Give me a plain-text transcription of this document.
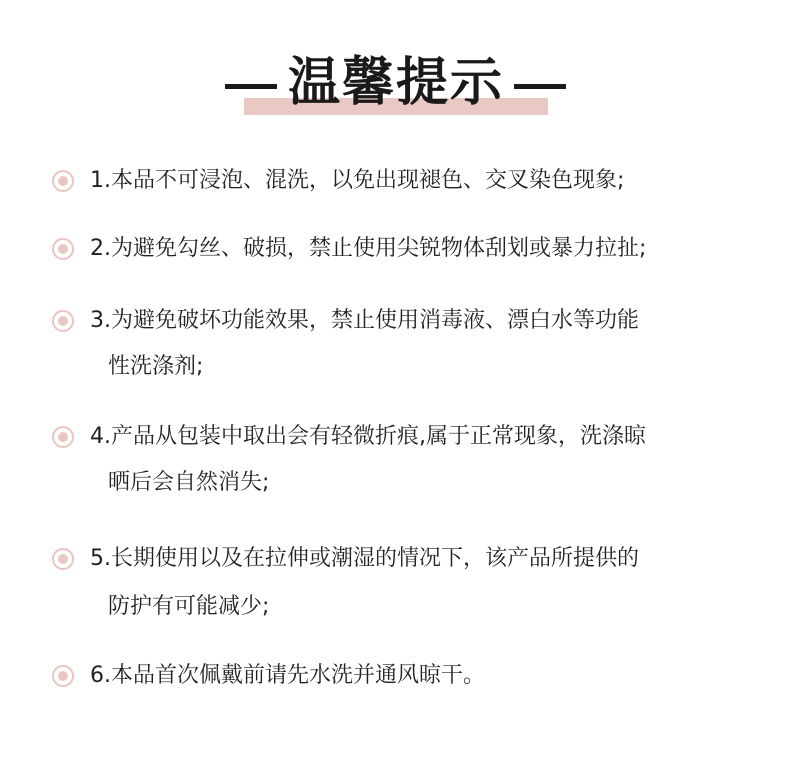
温馨提示
1.本品不可浸泡、混洗，以免出现褪色、交叉染色现象;
2.为避免勾丝、破损，禁止使用尖锐物体刮划或暴力拉扯;
3.为避免破坏功能效果，禁止使用消毒液、漂白水等功能
性洗涤剂;
4.产品从包装中取出会有轻微折痕,属于正常现象，洗涤晾
晒后会自然消失;
5.长期使用以及在拉伸或潮湿的情况下，该产品所提供的
防护有可能减少;
6.本品首次佩戴前请先水洗并通风晾干。
